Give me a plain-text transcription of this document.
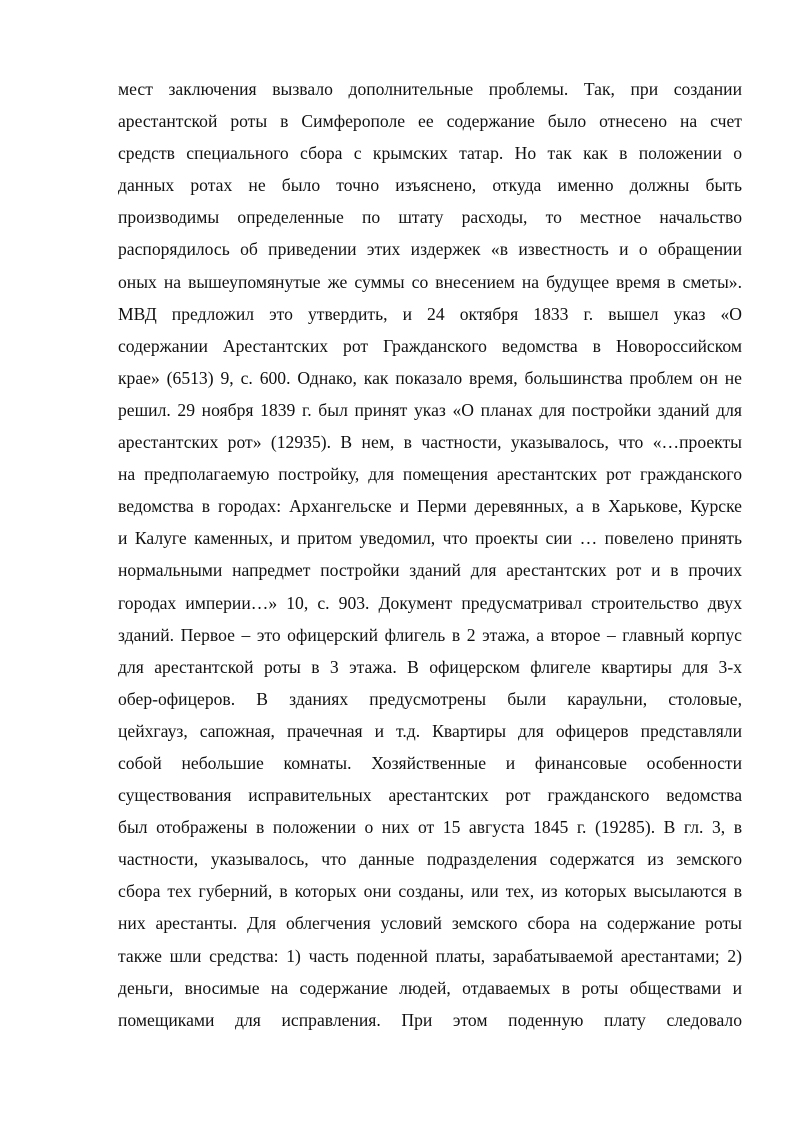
мест заключения вызвало дополнительные проблемы. Так, при создании
арестантской роты в Симферополе ее содержание было отнесено на счет
средств специального сбора с крымских татар. Но так как в положении о
данных ротах не было точно изъяснено, откуда именно должны быть
производимы определенные по штату расходы, то местное начальство
распорядилось об приведении этих издержек «в известность и о обращении
оных на вышеупомянутые же суммы со внесением на будущее время в сметы».
МВД предложил это утвердить, и 24 октября 1833 г. вышел указ «О
содержании Арестантских рот Гражданского ведомства в Новороссийском
крае» (6513) 9, с. 600. Однако, как показало время, большинства проблем он не
решил. 29 ноября 1839 г. был принят указ «О планах для постройки зданий для
арестантских рот» (12935). В нем, в частности, указывалось, что «…проекты
на предполагаемую постройку, для помещения арестантских рот гражданского
ведомства в городах: Архангельске и Перми деревянных, а в Харькове, Курске
и Калуге каменных, и притом уведомил, что проекты сии … повелено принять
нормальными напредмет постройки зданий для арестантских рот и в прочих
городах империи…» 10, с. 903. Документ предусматривал строительство двух
зданий. Первое – это офицерский флигель в 2 этажа, а второе – главный корпус
для арестантской роты в 3 этажа. В офицерском флигеле квартиры для 3-х
обер-офицеров. В зданиях предусмотрены были караульни, столовые,
цейхгауз, сапожная, прачечная и т.д. Квартиры для офицеров представляли
собой небольшие комнаты. Хозяйственные и финансовые особенности
существования исправительных арестантских рот гражданского ведомства
был отображены в положении о них от 15 августа 1845 г. (19285). В гл. 3, в
частности, указывалось, что данные подразделения содержатся из земского
сбора тех губерний, в которых они созданы, или тех, из которых высылаются в
них арестанты. Для облегчения условий земского сбора на содержание роты
также шли средства: 1) часть поденной платы, зарабатываемой арестантами; 2)
деньги, вносимые на содержание людей, отдаваемых в роты обществами и
помещиками для исправления. При этом поденную плату следовало
